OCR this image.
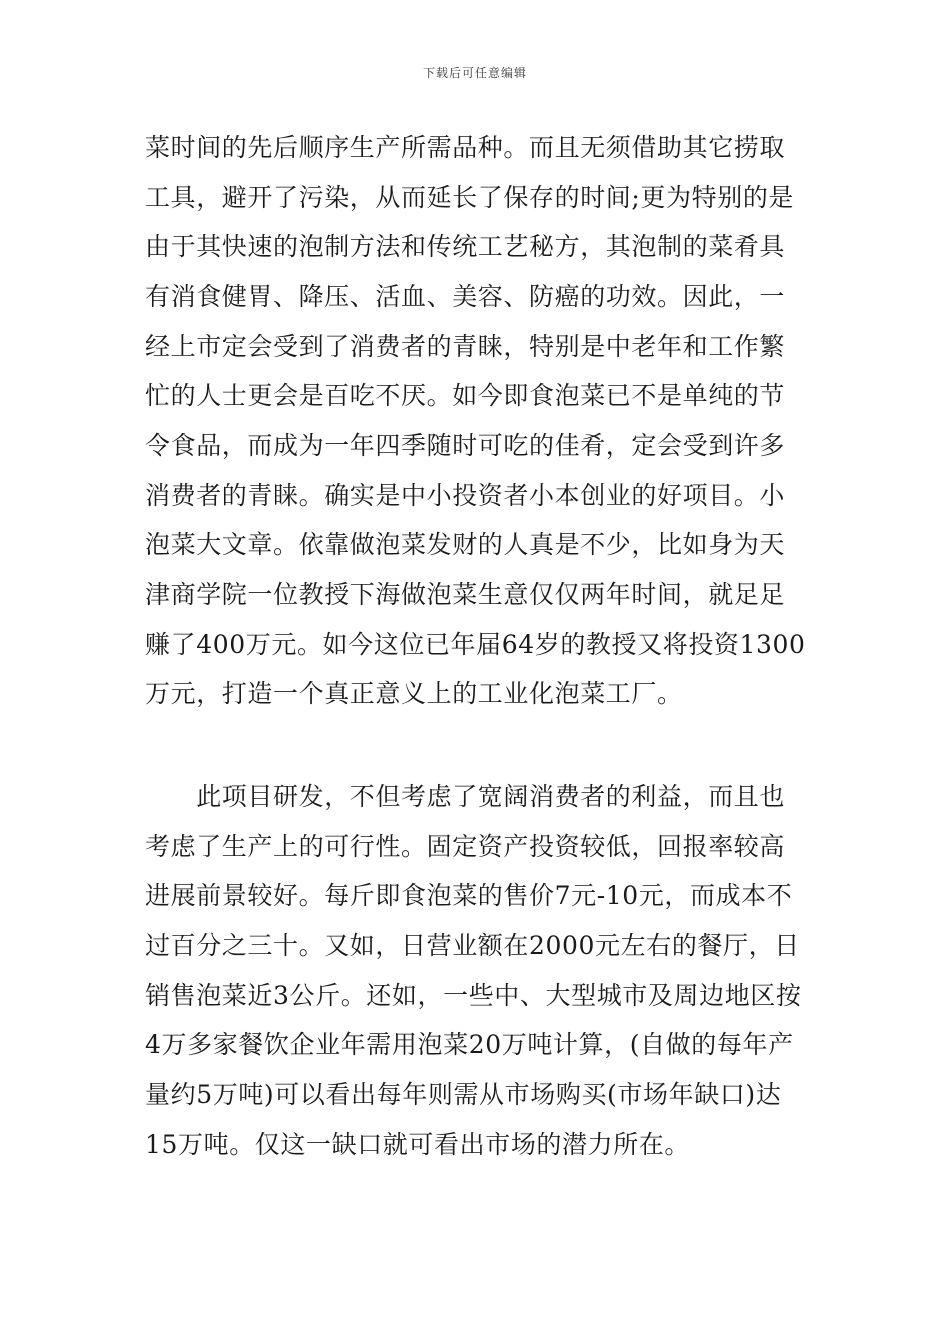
下载后可任意编辑
菜时间的先后顺序生产所需品种。而且无须借助其它捞取
工具，避开了污染，从而延长了保存的时间;更为特别的是
由于其快速的泡制方法和传统工艺秘方，其泡制的菜肴具
有消食健胃、降压、活血、美容、防癌的功效。因此，一
经上市定会受到了消费者的青睐，特别是中老年和工作繁
忙的人士更会是百吃不厌。如今即食泡菜已不是单纯的节
令食品，而成为一年四季随时可吃的佳肴，定会受到许多
消费者的青睐。确实是中小投资者小本创业的好项目。小
泡菜大文章。依靠做泡菜发财的人真是不少，比如身为天
津商学院一位教授下海做泡菜生意仅仅两年时间，就足足
赚了400万元。如今这位已年届64岁的教授又将投资1300
万元，打造一个真正意义上的工业化泡菜工厂。
　　此项目研发，不但考虑了宽阔消费者的利益，而且也
考虑了生产上的可行性。固定资产投资较低，回报率较高
进展前景较好。每斤即食泡菜的售价7元-10元，而成本不
过百分之三十。又如，日营业额在2000元左右的餐厅，日
销售泡菜近3公斤。还如，一些中、大型城市及周边地区按
4万多家餐饮企业年需用泡菜20万吨计算，(自做的每年产
量约5万吨)可以看出每年则需从市场购买(市场年缺口)达
15万吨。仅这一缺口就可看出市场的潜力所在。
